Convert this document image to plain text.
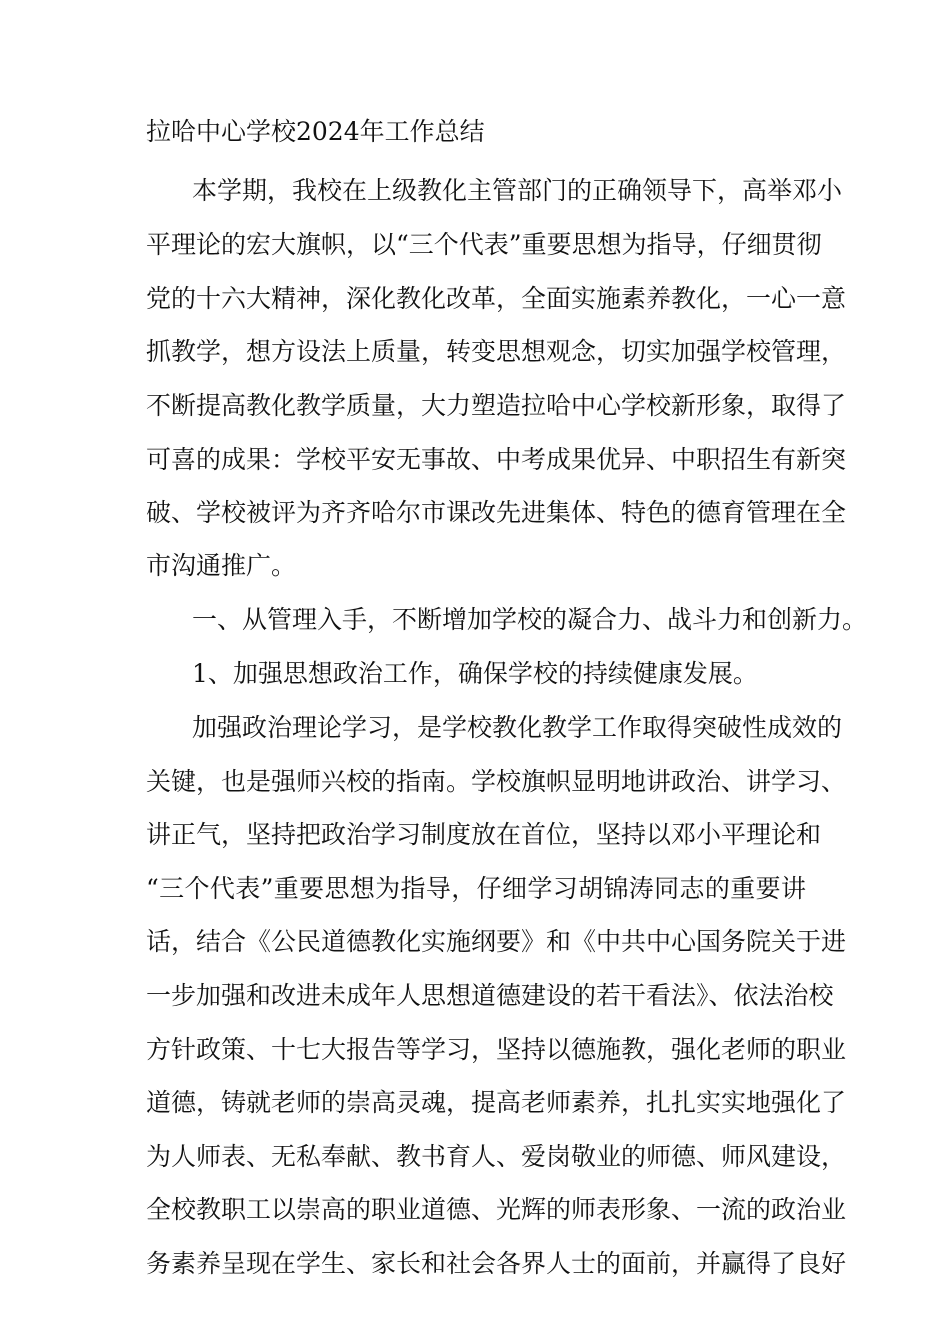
拉哈中心学校2024年工作总结
本学期，我校在上级教化主管部门的正确领导下，高举邓小
平理论的宏大旗帜，以“三个代表”重要思想为指导，仔细贯彻
党的十六大精神，深化教化改革，全面实施素养教化，一心一意
抓教学，想方设法上质量，转变思想观念，切实加强学校管理，
不断提高教化教学质量，大力塑造拉哈中心学校新形象，取得了
可喜的成果：学校平安无事故、中考成果优异、中职招生有新突
破、学校被评为齐齐哈尔市课改先进集体、特色的德育管理在全
市沟通推广。
一、从管理入手，不断增加学校的凝合力、战斗力和创新力。
1、加强思想政治工作，确保学校的持续健康发展。
加强政治理论学习，是学校教化教学工作取得突破性成效的
关键，也是强师兴校的指南。学校旗帜显明地讲政治、讲学习、
讲正气，坚持把政治学习制度放在首位，坚持以邓小平理论和
“三个代表”重要思想为指导，仔细学习胡锦涛同志的重要讲
话，结合《公民道德教化实施纲要》和《中共中心国务院关于进
一步加强和改进未成年人思想道德建设的若干看法》、依法治校
方针政策、十七大报告等学习，坚持以德施教，强化老师的职业
道德，铸就老师的崇高灵魂，提高老师素养，扎扎实实地强化了
为人师表、无私奉献、教书育人、爱岗敬业的师德、师风建设，
全校教职工以崇高的职业道德、光辉的师表形象、一流的政治业
务素养呈现在学生、家长和社会各界人士的面前，并赢得了良好
